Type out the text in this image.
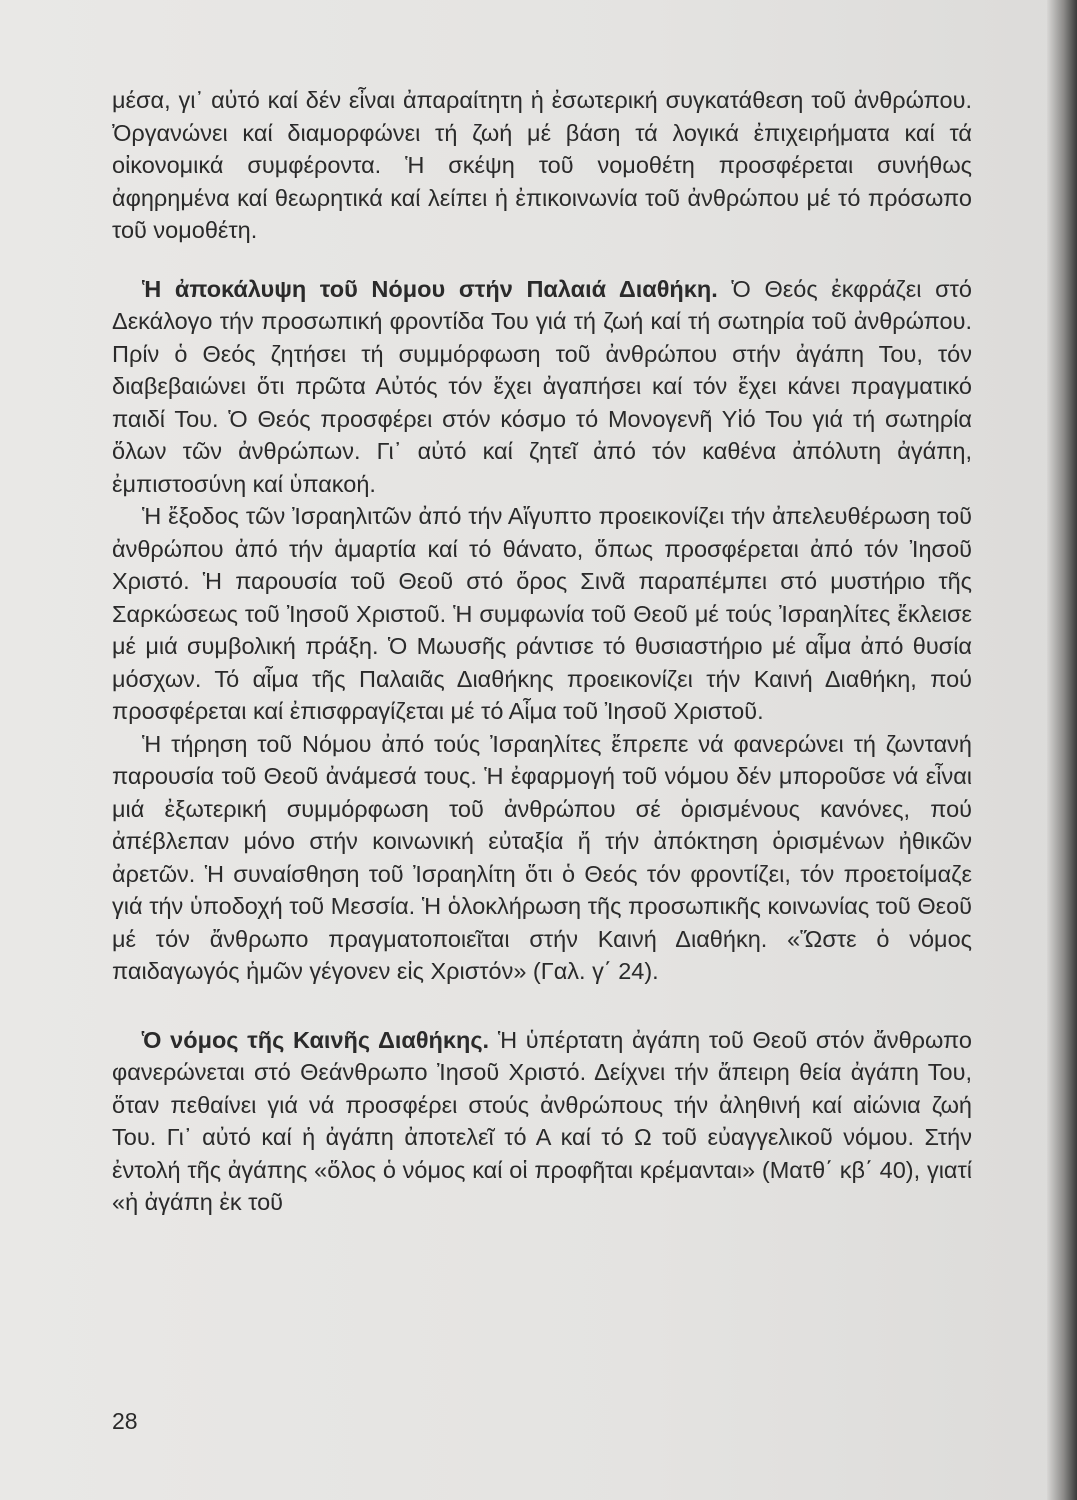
μέσα, γι᾿ αὐτό καί δέν εἶναι ἀπαραίτητη ἡ ἐσωτερική συγκατάθεση τοῦ ἀνθρώπου. Ὀργανώνει καί διαμορφώνει τή ζωή μέ βάση τά λογικά ἐπιχειρήματα καί τά οἰκονομικά συμφέροντα. Ἡ σκέψη τοῦ νομοθέτη προσφέρεται συνήθως ἀφηρημένα καί θεωρητικά καί λείπει ἡ ἐπικοινωνία τοῦ ἀνθρώπου μέ τό πρόσωπο τοῦ νομοθέτη.

Ἡ ἀποκάλυψη τοῦ Νόμου στήν Παλαιά Διαθήκη. Ὁ Θεός ἐκφράζει στό Δεκάλογο τήν προσωπική φροντίδα Του γιά τή ζωή καί τή σωτηρία τοῦ ἀνθρώπου. Πρίν ὁ Θεός ζητήσει τή συμμόρφωση τοῦ ἀνθρώπου στήν ἀγάπη Του, τόν διαβεβαιώνει ὅτι πρῶτα Αὐτός τόν ἔχει ἀγαπήσει καί τόν ἔχει κάνει πραγματικό παιδί Του. Ὁ Θεός προσφέρει στόν κόσμο τό Μονογενῆ Υἱό Του γιά τή σωτηρία ὅλων τῶν ἀνθρώπων. Γι᾿ αὐτό καί ζητεῖ ἀπό τόν καθένα ἀπόλυτη ἀγάπη, ἐμπιστοσύνη καί ὑπακοή.

Ἡ ἔξοδος τῶν Ἰσραηλιτῶν ἀπό τήν Αἴγυπτο προεικονίζει τήν ἀπελευθέρωση τοῦ ἀνθρώπου ἀπό τήν ἁμαρτία καί τό θάνατο, ὅπως προσφέρεται ἀπό τόν Ἰησοῦ Χριστό. Ἡ παρουσία τοῦ Θεοῦ στό ὄρος Σινᾶ παραπέμπει στό μυστήριο τῆς Σαρκώσεως τοῦ Ἰησοῦ Χριστοῦ. Ἡ συμφωνία τοῦ Θεοῦ μέ τούς Ἰσραηλίτες ἔκλεισε μέ μιά συμβολική πράξη. Ὁ Μωυσῆς ράντισε τό θυσιαστήριο μέ αἷμα ἀπό θυσία μόσχων. Τό αἷμα τῆς Παλαιᾶς Διαθήκης προεικονίζει τήν Καινή Διαθήκη, πού προσφέρεται καί ἐπισφραγίζεται μέ τό Αἷμα τοῦ Ἰησοῦ Χριστοῦ.

Ἡ τήρηση τοῦ Νόμου ἀπό τούς Ἰσραηλίτες ἔπρεπε νά φανερώνει τή ζωντανή παρουσία τοῦ Θεοῦ ἀνάμεσά τους. Ἡ ἐφαρμογή τοῦ νόμου δέν μποροῦσε νά εἶναι μιά ἐξωτερική συμμόρφωση τοῦ ἀνθρώπου σέ ὁρισμένους κανόνες, πού ἀπέβλεπαν μόνο στήν κοινωνική εὐταξία ἤ τήν ἀπόκτηση ὁρισμένων ἠθικῶν ἀρετῶν. Ἡ συναίσθηση τοῦ Ἰσραηλίτη ὅτι ὁ Θεός τόν φροντίζει, τόν προετοίμαζε γιά τήν ὑποδοχή τοῦ Μεσσία. Ἡ ὁλοκλήρωση τῆς προσωπικῆς κοινωνίας τοῦ Θεοῦ μέ τόν ἄνθρωπο πραγματοποιεῖται στήν Καινή Διαθήκη. «Ὥστε ὁ νόμος παιδαγωγός ἡμῶν γέγονεν εἰς Χριστόν» (Γαλ. γ΄ 24).

Ὁ νόμος τῆς Καινῆς Διαθήκης. Ἡ ὑπέρτατη ἀγάπη τοῦ Θεοῦ στόν ἄνθρωπο φανερώνεται στό Θεάνθρωπο Ἰησοῦ Χριστό. Δείχνει τήν ἄπειρη θεία ἀγάπη Του, ὅταν πεθαίνει γιά νά προσφέρει στούς ἀνθρώπους τήν ἀληθινή καί αἰώνια ζωή Του. Γι᾿ αὐτό καί ἡ ἀγάπη ἀποτελεῖ τό Α καί τό Ω τοῦ εὐαγγελικοῦ νόμου. Στήν ἐντολή τῆς ἀγάπης «ὅλος ὁ νόμος καί οἱ προφῆται κρέμανται» (Ματθ΄ κβ΄ 40), γιατί «ἡ ἀγάπη ἐκ τοῦ

28
